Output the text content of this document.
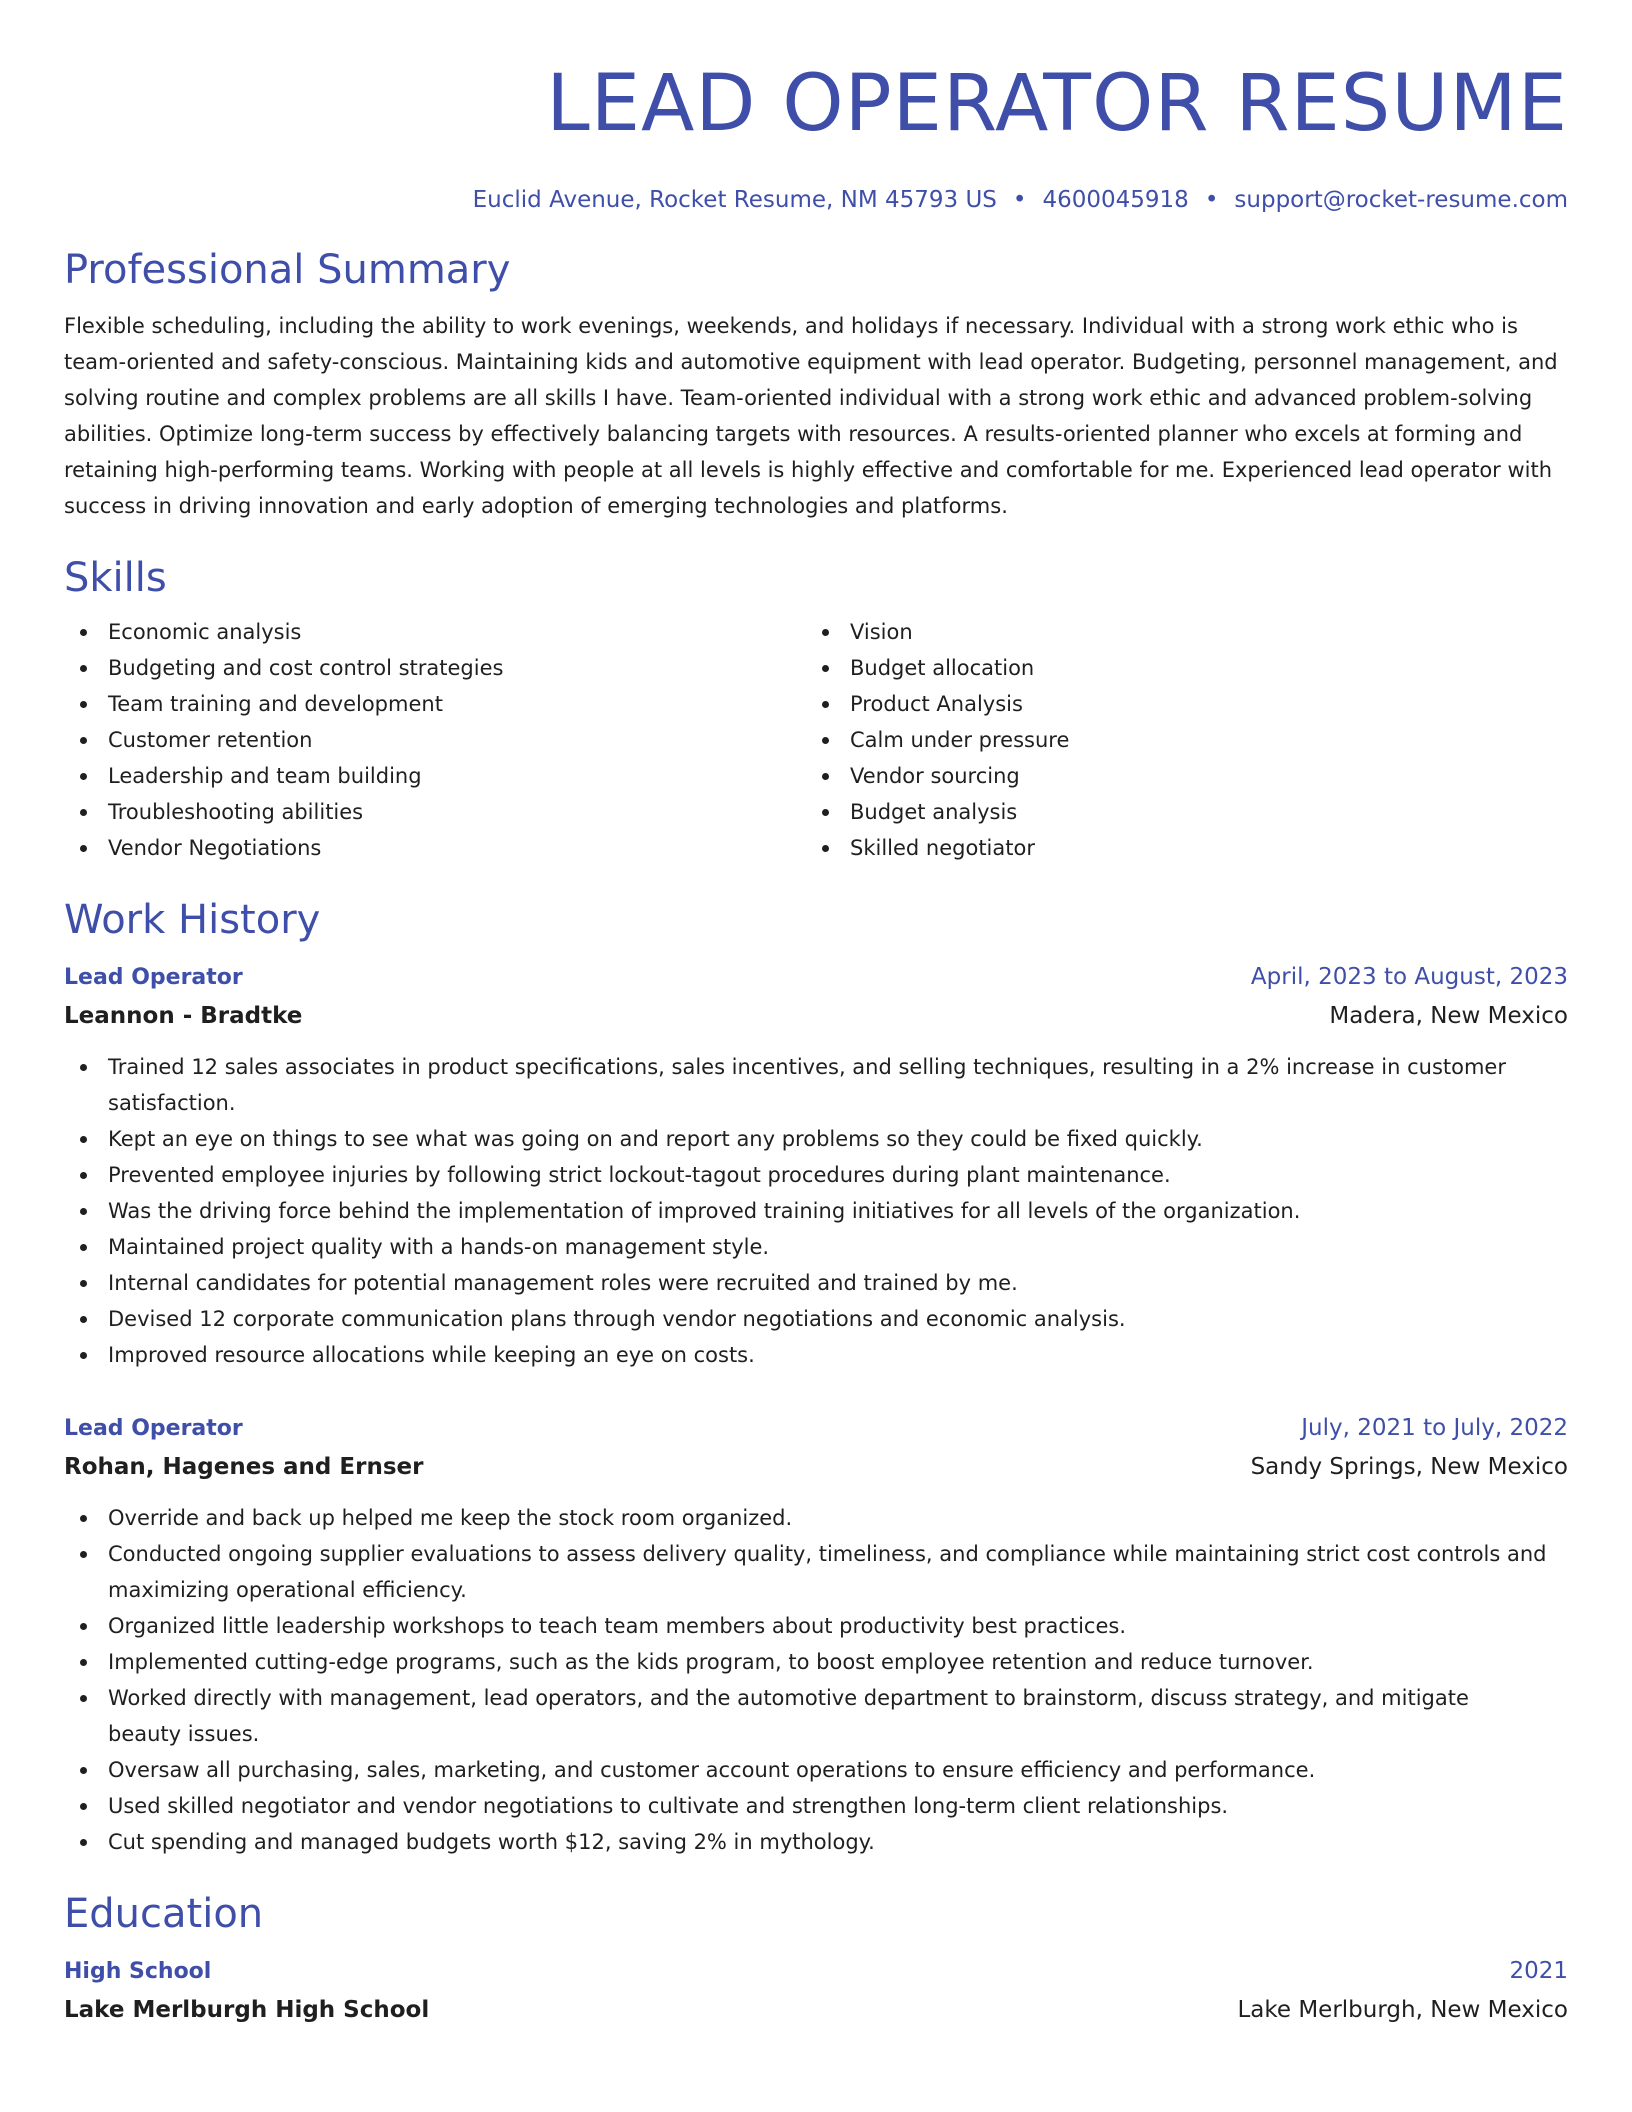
LEAD OPERATOR RESUME
Euclid Avenue, Rocket Resume, NM 45793 US • 4600045918 • support@rocket-resume.com
Professional Summary

Flexible scheduling, including the ability to work evenings, weekends, and holidays if necessary. Individual with a strong work ethic who is team-oriented and safety-conscious. Maintaining kids and automotive equipment with lead operator. Budgeting, personnel management, and solving routine and complex problems are all skills I have. Team-oriented individual with a strong work ethic and advanced problem-solving abilities. Optimize long-term success by effectively balancing targets with resources. A results-oriented planner who excels at forming and retaining high-performing teams. Working with people at all levels is highly effective and comfortable for me. Experienced lead operator with success in driving innovation and early adoption of emerging technologies and platforms.

Skills
Economic analysis
Budgeting and cost control strategies
Team training and development
Customer retention
Leadership and team building
Troubleshooting abilities
Vendor Negotiations
Vision
Budget allocation
Product Analysis
Calm under pressure
Vendor sourcing
Budget analysis
Skilled negotiator
Work History
Lead Operator	April, 2023 to August, 2023
Leannon - Bradtke	Madera, New Mexico
Trained 12 sales associates in product specifications, sales incentives, and selling techniques, resulting in a 2% increase in customer satisfaction.
Kept an eye on things to see what was going on and report any problems so they could be fixed quickly.
Prevented employee injuries by following strict lockout-tagout procedures during plant maintenance.
Was the driving force behind the implementation of improved training initiatives for all levels of the organization.
Maintained project quality with a hands-on management style.
Internal candidates for potential management roles were recruited and trained by me.
Devised 12 corporate communication plans through vendor negotiations and economic analysis.
Improved resource allocations while keeping an eye on costs.
Lead Operator	July, 2021 to July, 2022
Rohan, Hagenes and Ernser	Sandy Springs, New Mexico
Override and back up helped me keep the stock room organized.
Conducted ongoing supplier evaluations to assess delivery quality, timeliness, and compliance while maintaining strict cost controls and maximizing operational efficiency.
Organized little leadership workshops to teach team members about productivity best practices.
Implemented cutting-edge programs, such as the kids program, to boost employee retention and reduce turnover.
Worked directly with management, lead operators, and the automotive department to brainstorm, discuss strategy, and mitigate beauty issues.
Oversaw all purchasing, sales, marketing, and customer account operations to ensure efficiency and performance.
Used skilled negotiator and vendor negotiations to cultivate and strengthen long-term client relationships.
Cut spending and managed budgets worth $12, saving 2% in mythology.
Education
High School	2021
Lake Merlburgh High School	Lake Merlburgh, New Mexico
